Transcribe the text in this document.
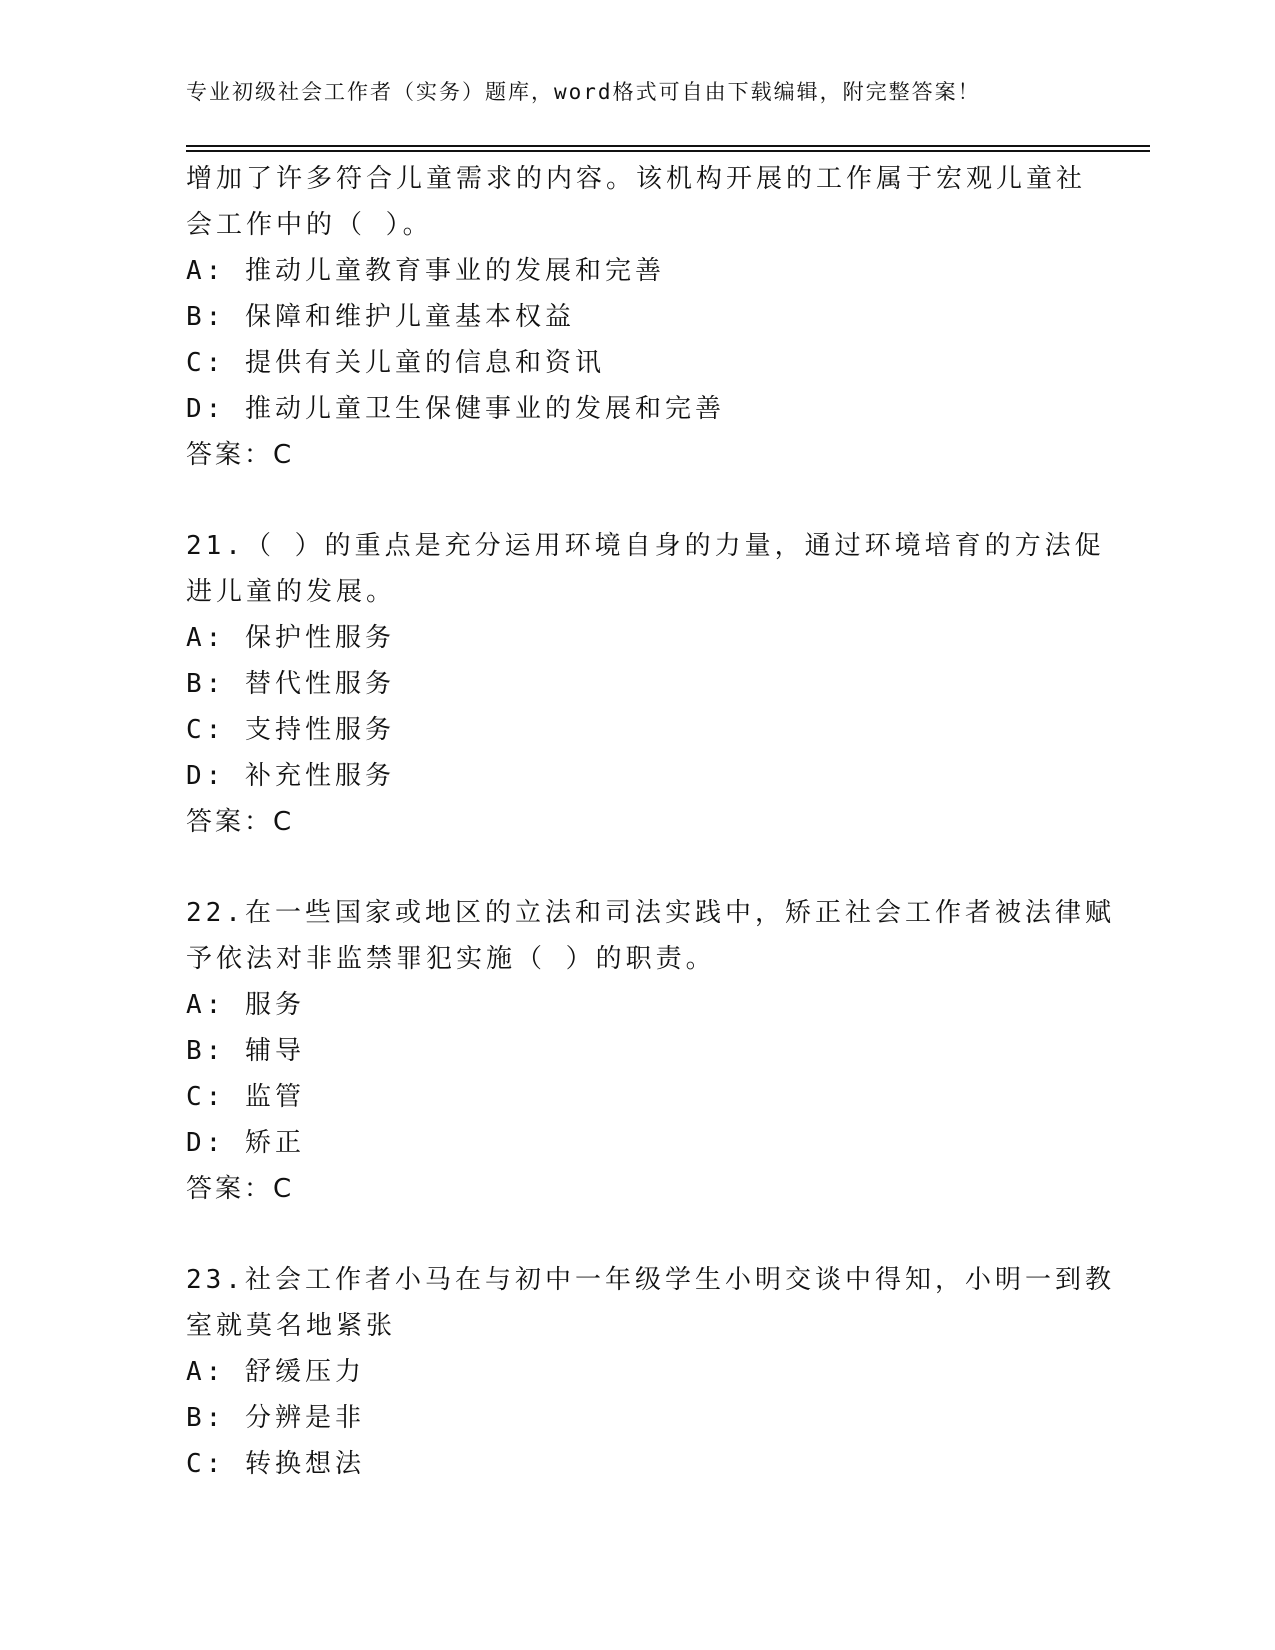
专业初级社会工作者（实务）题库，word格式可自由下载编辑，附完整答案！
增加了许多符合儿童需求的内容。该机构开展的工作属于宏观儿童社
会工作中的（ ）。
A: 推动儿童教育事业的发展和完善
B: 保障和维护儿童基本权益
C: 提供有关儿童的信息和资讯
D: 推动儿童卫生保健事业的发展和完善
答案：C
21.（ ）的重点是充分运用环境自身的力量，通过环境培育的方法促
进儿童的发展。
A: 保护性服务
B: 替代性服务
C: 支持性服务
D: 补充性服务
答案：C
22.在一些国家或地区的立法和司法实践中，矫正社会工作者被法律赋
予依法对非监禁罪犯实施（ ）的职责。
A: 服务
B: 辅导
C: 监管
D: 矫正
答案：C
23.社会工作者小马在与初中一年级学生小明交谈中得知，小明一到教
室就莫名地紧张
A: 舒缓压力
B: 分辨是非
C: 转换想法
